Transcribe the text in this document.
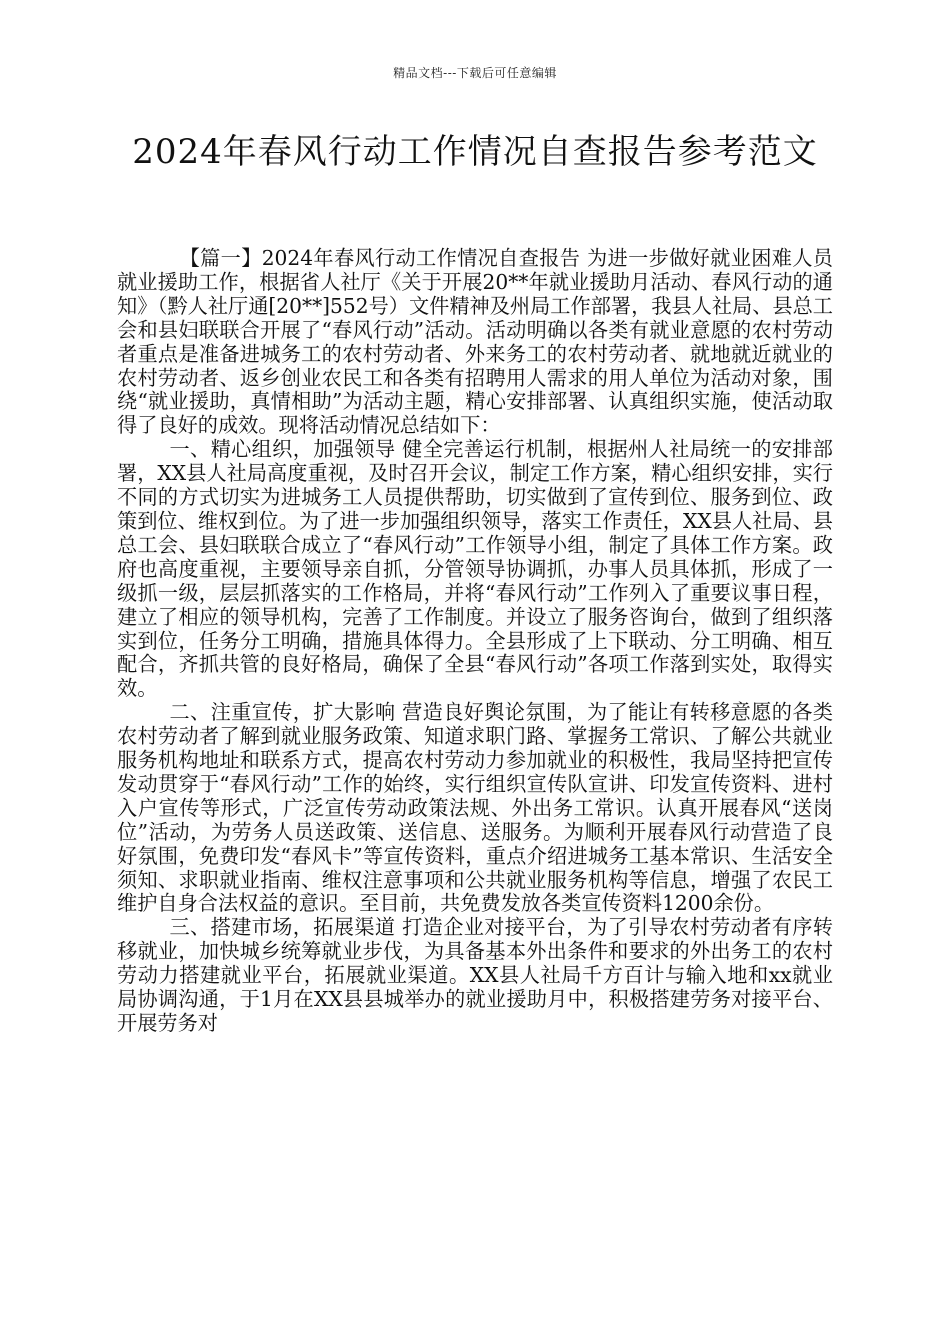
精品文档---下载后可任意编辑
2024年春风行动工作情况自查报告参考范文

【篇一】2024年春风行动工作情况自查报告 为进一步做好就业困难人员就业援助工作，根据省人社厅《关于开展20**年就业援助月活动、春风行动的通知》（黔人社厅通[20**]552号）文件精神及州局工作部署，我县人社局、县总工会和县妇联联合开展了“春风行动”活动。活动明确以各类有就业意愿的农村劳动者重点是准备进城务工的农村劳动者、外来务工的农村劳动者、就地就近就业的农村劳动者、返乡创业农民工和各类有招聘用人需求的用人单位为活动对象，围绕“就业援助，真情相助”为活动主题，精心安排部署、认真组织实施，使活动取得了良好的成效。现将活动情况总结如下：

一、精心组织，加强领导 健全完善运行机制，根据州人社局统一的安排部署，XX县人社局高度重视，及时召开会议，制定工作方案，精心组织安排，实行不同的方式切实为进城务工人员提供帮助，切实做到了宣传到位、服务到位、政策到位、维权到位。为了进一步加强组织领导，落实工作责任，XX县人社局、县总工会、县妇联联合成立了“春风行动”工作领导小组，制定了具体工作方案。政府也高度重视，主要领导亲自抓，分管领导协调抓，办事人员具体抓，形成了一级抓一级，层层抓落实的工作格局，并将“春风行动”工作列入了重要议事日程，建立了相应的领导机构，完善了工作制度。并设立了服务咨询台，做到了组织落实到位，任务分工明确，措施具体得力。全县形成了上下联动、分工明确、相互配合，齐抓共管的良好格局，确保了全县“春风行动”各项工作落到实处，取得实效。

二、注重宣传，扩大影响 营造良好舆论氛围，为了能让有转移意愿的各类农村劳动者了解到就业服务政策、知道求职门路、掌握务工常识、了解公共就业服务机构地址和联系方式，提高农村劳动力参加就业的积极性，我局坚持把宣传发动贯穿于“春风行动”工作的始终，实行组织宣传队宣讲、印发宣传资料、进村入户宣传等形式，广泛宣传劳动政策法规、外出务工常识。认真开展春风“送岗位”活动，为劳务人员送政策、送信息、送服务。为顺利开展春风行动营造了良好氛围，免费印发“春风卡”等宣传资料，重点介绍进城务工基本常识、生活安全须知、求职就业指南、维权注意事项和公共就业服务机构等信息，增强了农民工维护自身合法权益的意识。至目前，共免费发放各类宣传资料1200余份。

三、搭建市场，拓展渠道 打造企业对接平台，为了引导农村劳动者有序转移就业，加快城乡统筹就业步伐，为具备基本外出条件和要求的外出务工的农村劳动力搭建就业平台，拓展就业渠道。XX县人社局千方百计与输入地和xx就业局协调沟通，于1月在XX县县城举办的就业援助月中，积极搭建劳务对接平台、开展劳务对
